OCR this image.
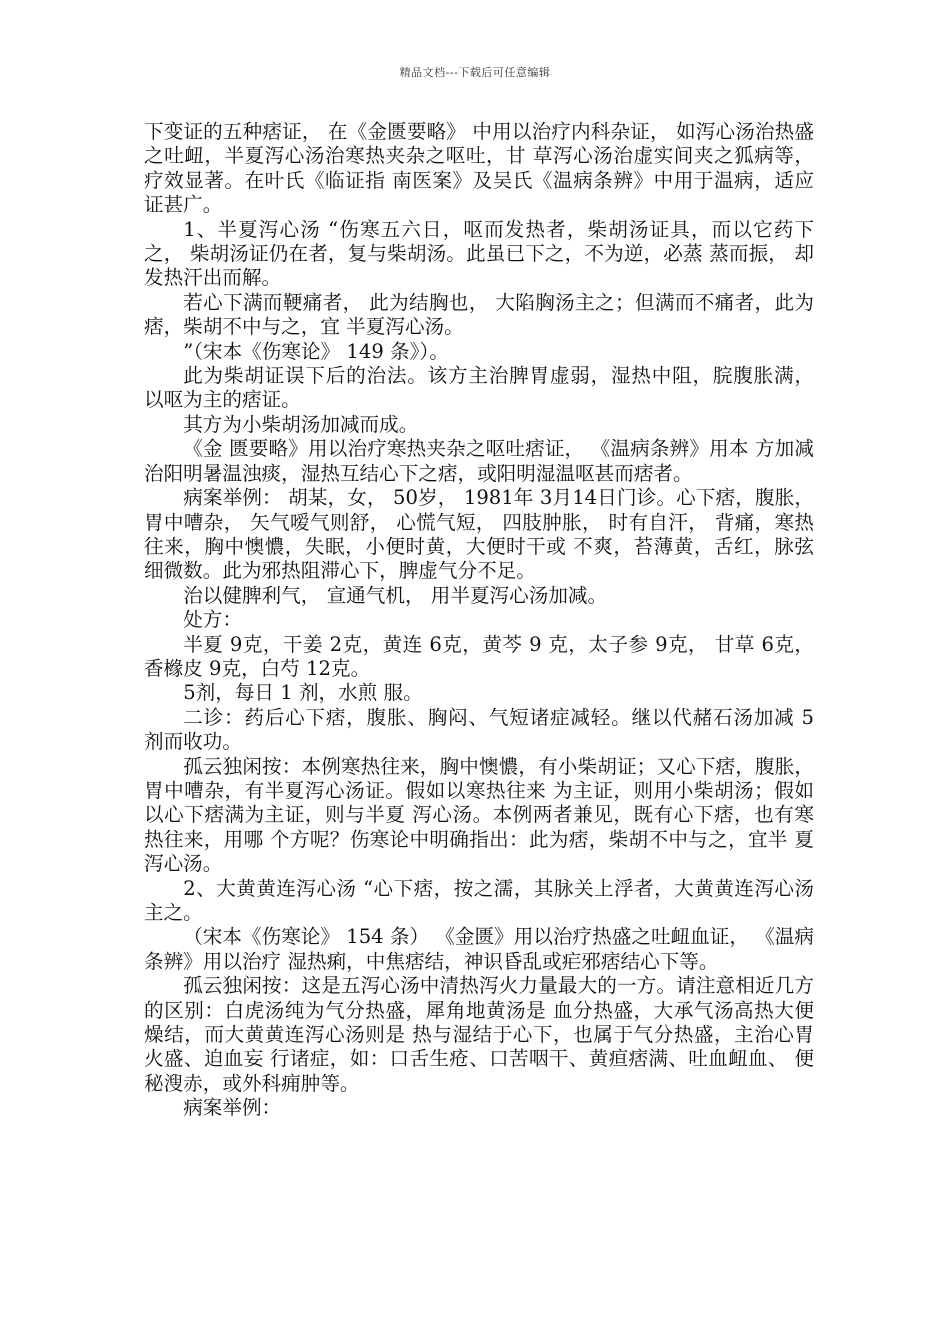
精品文档---下载后可任意编辑

下变证的五种痞证， 在《金匮要略》 中用以治疗内科杂证， 如泻心汤治热盛之吐衄，半夏泻心汤治寒热夹杂之呕吐，甘 草泻心汤治虚实间夹之狐病等，疗效显著。在叶氏《临证指 南医案》及吴氏《温病条辨》中用于温病，适应证甚广。

1、半夏泻心汤 “伤寒五六日，呕而发热者，柴胡汤证具，而以它药下之， 柴胡汤证仍在者，复与柴胡汤。此虽已下之，不为逆，必蒸 蒸而振， 却发热汗出而解。

若心下满而鞕痛者， 此为结胸也， 大陷胸汤主之；但满而不痛者，此为痞，柴胡不中与之，宜 半夏泻心汤。

”（宋本《伤寒论》 149 条》）。

此为柴胡证误下后的治法。该方主治脾胃虚弱，湿热中阻，脘腹胀满， 以呕为主的痞证。

其方为小柴胡汤加减而成。

《金 匮要略》用以治疗寒热夹杂之呕吐痞证， 《温病条辨》用本 方加减治阳明暑温浊痰，湿热互结心下之痞，或阳明湿温呕甚而痞者。

病案举例： 胡某，女， 50岁， 1981年 3月14日门诊。心下痞，腹胀， 胃中嘈杂， 矢气嗳气则舒， 心慌气短， 四肢肿胀， 时有自汗， 背痛，寒热往来，胸中懊憹，失眠，小便时黄，大便时干或 不爽，苔薄黄，舌红，脉弦细微数。此为邪热阻滞心下，脾虚气分不足。

治以健脾利气， 宣通气机， 用半夏泻心汤加减。

处方：

半夏 9克，干姜 2克，黄连 6克，黄芩 9 克，太子参 9克， 甘草 6克，香橼皮 9克，白芍 12克。

5剂，每日 1 剂，水煎 服。

二诊：药后心下痞，腹胀、胸闷、气短诸症减轻。继以代赭石汤加减 5 剂而收功。

孤云独闲按：本例寒热往来，胸中懊憹，有小柴胡证；又心下痞，腹胀，胃中嘈杂，有半夏泻心汤证。假如以寒热往来 为主证，则用小柴胡汤；假如以心下痞满为主证，则与半夏 泻心汤。本例两者兼见，既有心下痞，也有寒热往来，用哪 个方呢？伤寒论中明确指出：此为痞，柴胡不中与之，宜半 夏泻心汤。

2、大黄黄连泻心汤 “心下痞，按之濡，其脉关上浮者，大黄黄连泻心汤主之。

（宋本《伤寒论》 154 条） 《金匮》用以治疗热盛之吐衄血证， 《温病条辨》用以治疗 湿热痢，中焦痞结，神识昏乱或疟邪痞结心下等。

孤云独闲按：这是五泻心汤中清热泻火力量最大的一方。请注意相近几方的区别：白虎汤纯为气分热盛，犀角地黄汤是 血分热盛，大承气汤高热大便燥结，而大黄黄连泻心汤则是 热与湿结于心下，也属于气分热盛，主治心胃火盛、迫血妄 行诸症，如：口舌生疮、口苦咽干、黄疸痞满、吐血衄血、 便秘溲赤，或外科痈肿等。

病案举例：
